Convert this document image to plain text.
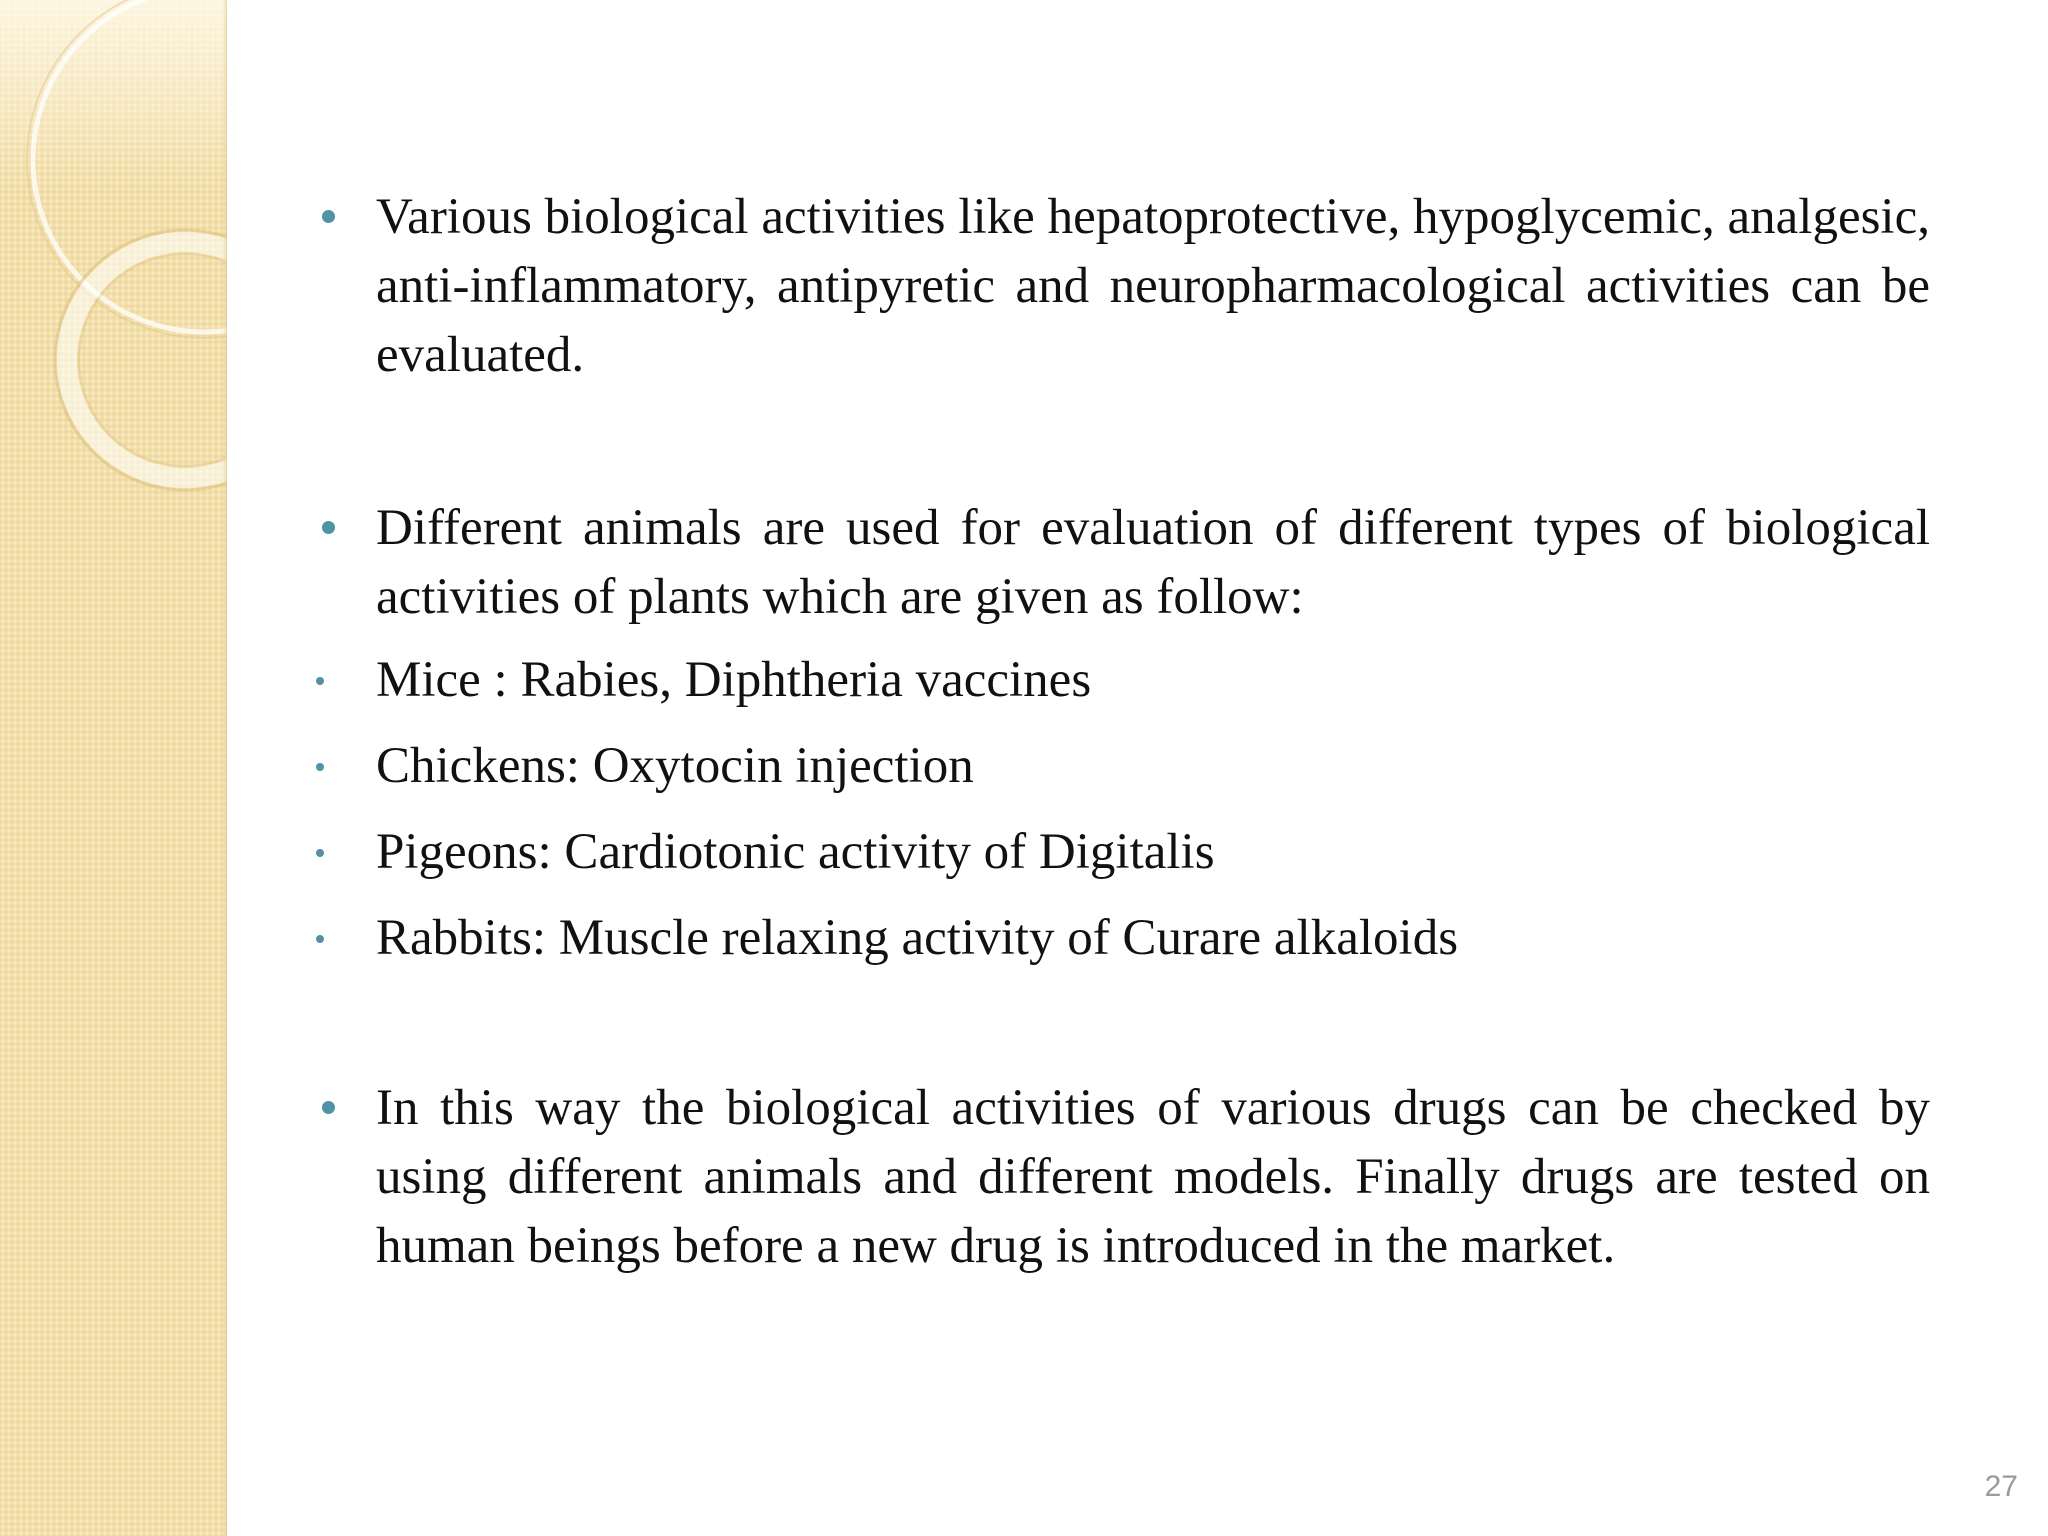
Various biological activities like hepatoprotective, hypoglycemic, analgesic, anti-inflammatory, antipyretic and neuropharmacological activities can be evaluated.

Different animals are used for evaluation of different types of biological activities of plants which are given as follow:

Mice : Rabies, Diphtheria vaccines

Chickens: Oxytocin injection

Pigeons: Cardiotonic activity of Digitalis

Rabbits: Muscle relaxing activity of Curare alkaloids

In this way the biological activities of various drugs can be checked by using different animals and different models. Finally drugs are tested on human beings before a new drug is introduced in the market.

27
